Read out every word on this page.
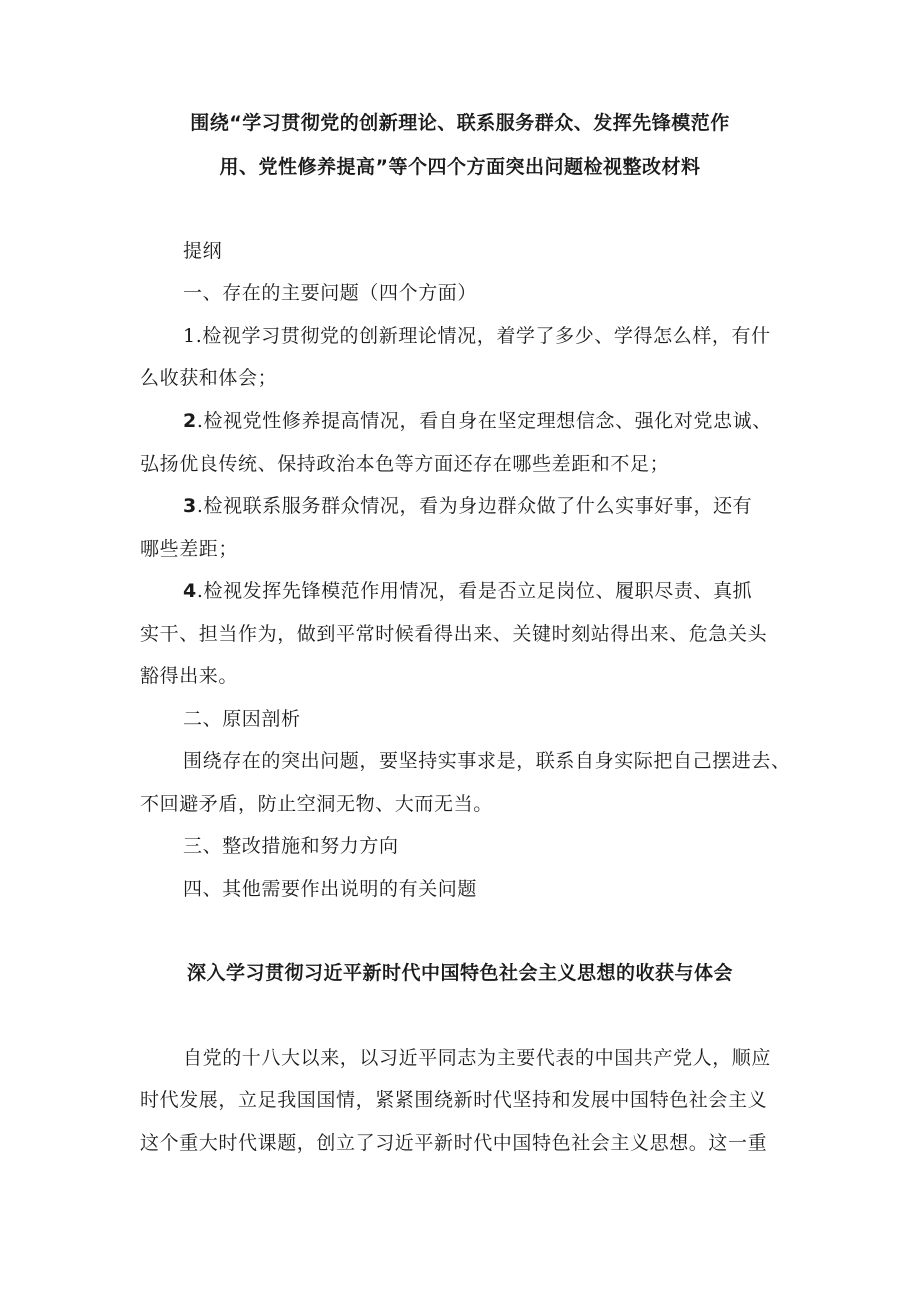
围绕“学习贯彻党的创新理论、联系服务群众、发挥先锋模范作
用、党性修养提高”等个四个方面突出问题检视整改材料

提纲

一、存在的主要问题（四个方面）

1.检视学习贯彻党的创新理论情况，着学了多少、学得怎么样，有什

么收获和体会；

2.检视党性修养提高情况，看自身在坚定理想信念、强化对党忠诚、

弘扬优良传统、保持政治本色等方面还存在哪些差距和不足；

3.检视联系服务群众情况，看为身边群众做了什么实事好事，还有

哪些差距；

4.检视发挥先锋模范作用情况，看是否立足岗位、履职尽责、真抓

实干、担当作为，做到平常时候看得出来、关键时刻站得出来、危急关头

豁得出来。

二、原因剖析

围绕存在的突出问题，要坚持实事求是，联系自身实际把自己摆进去、

不回避矛盾，防止空洞无物、大而无当。

三、整改措施和努力方向

四、其他需要作出说明的有关问题

深入学习贯彻习近平新时代中国特色社会主义思想的收获与体会

自党的十八大以来，以习近平同志为主要代表的中国共产党人，顺应

时代发展，立足我国国情，紧紧围绕新时代坚持和发展中国特色社会主义

这个重大时代课题，创立了习近平新时代中国特色社会主义思想。这一重
